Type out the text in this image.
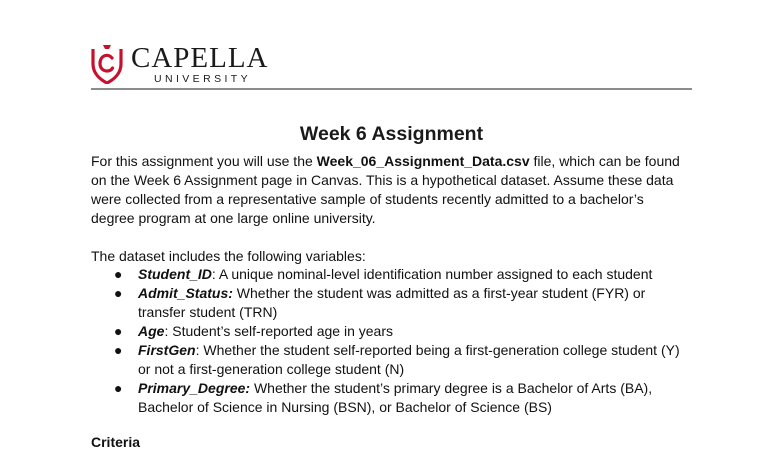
CAPELLA
UNIVERSITY
Week 6 Assignment
For this assignment you will use the Week_06_Assignment_Data.csv file, which can be found on the Week 6 Assignment page in Canvas. This is a hypothetical dataset. Assume these data were collected from a representative sample of students recently admitted to a bachelor’s degree program at one large online university.
The dataset includes the following variables:
● Student_ID: A unique nominal-level identification number assigned to each student
● Admit_Status: Whether the student was admitted as a first-year student (FYR) or transfer student (TRN)
● Age: Student’s self-reported age in years
● FirstGen: Whether the student self-reported being a first-generation college student (Y) or not a first-generation college student (N)
● Primary_Degree: Whether the student’s primary degree is a Bachelor of Arts (BA), Bachelor of Science in Nursing (BSN), or Bachelor of Science (BS)
Criteria
